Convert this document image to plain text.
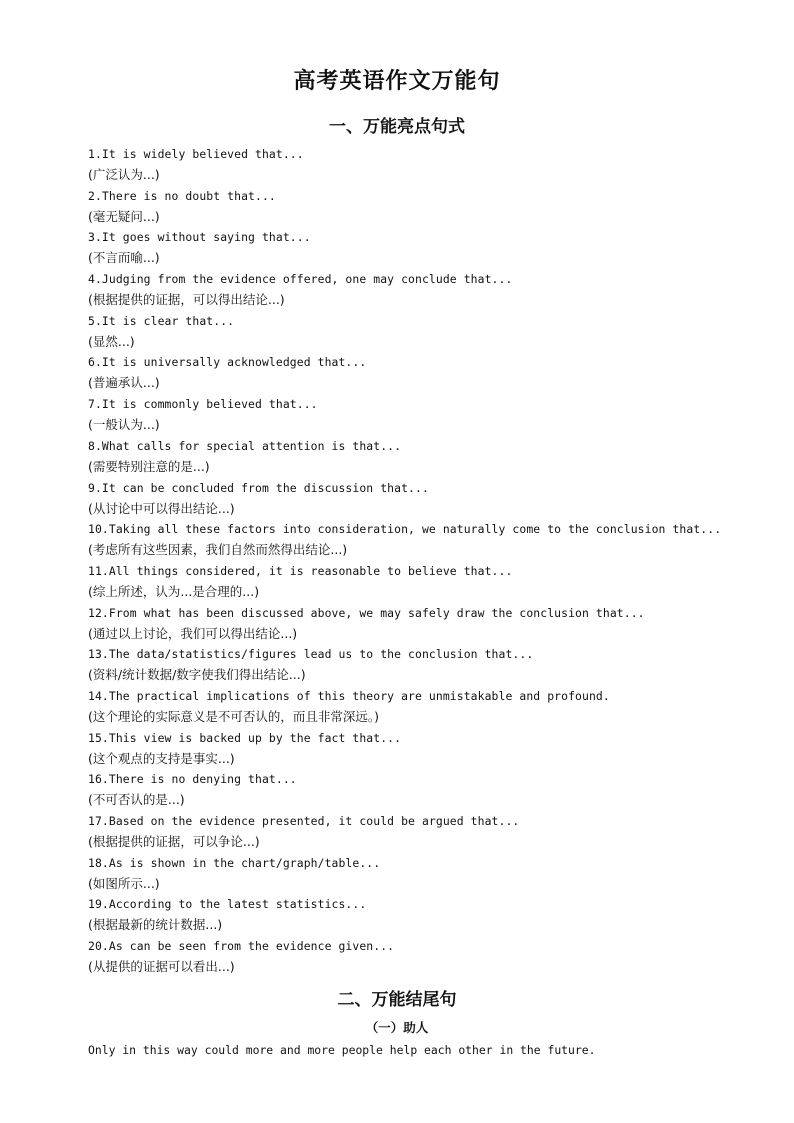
高考英语作文万能句
一、万能亮点句式
1.It is widely believed that...
(广泛认为...)
2.There is no doubt that...
(毫无疑问...)
3.It goes without saying that...
(不言而喻...)
4.Judging from the evidence offered, one may conclude that...
(根据提供的证据，可以得出结论...)
5.It is clear that...
(显然...)
6.It is universally acknowledged that...
(普遍承认...)
7.It is commonly believed that...
(一般认为...)
8.What calls for special attention is that...
(需要特别注意的是...)
9.It can be concluded from the discussion that...
(从讨论中可以得出结论...)
10.Taking all these factors into consideration, we naturally come to the conclusion that...
(考虑所有这些因素，我们自然而然得出结论...)
11.All things considered, it is reasonable to believe that...
(综上所述，认为...是合理的...)
12.From what has been discussed above, we may safely draw the conclusion that...
(通过以上讨论，我们可以得出结论...)
13.The data/statistics/figures lead us to the conclusion that...
(资料/统计数据/数字使我们得出结论...)
14.The practical implications of this theory are unmistakable and profound.
(这个理论的实际意义是不可否认的，而且非常深远。)
15.This view is backed up by the fact that...
(这个观点的支持是事实...)
16.There is no denying that...
(不可否认的是...)
17.Based on the evidence presented, it could be argued that...
(根据提供的证据，可以争论...)
18.As is shown in the chart/graph/table...
(如图所示...)
19.According to the latest statistics...
(根据最新的统计数据...)
20.As can be seen from the evidence given...
(从提供的证据可以看出...)
二、万能结尾句
（一）助人
Only in this way could more and more people help each other in the future.
